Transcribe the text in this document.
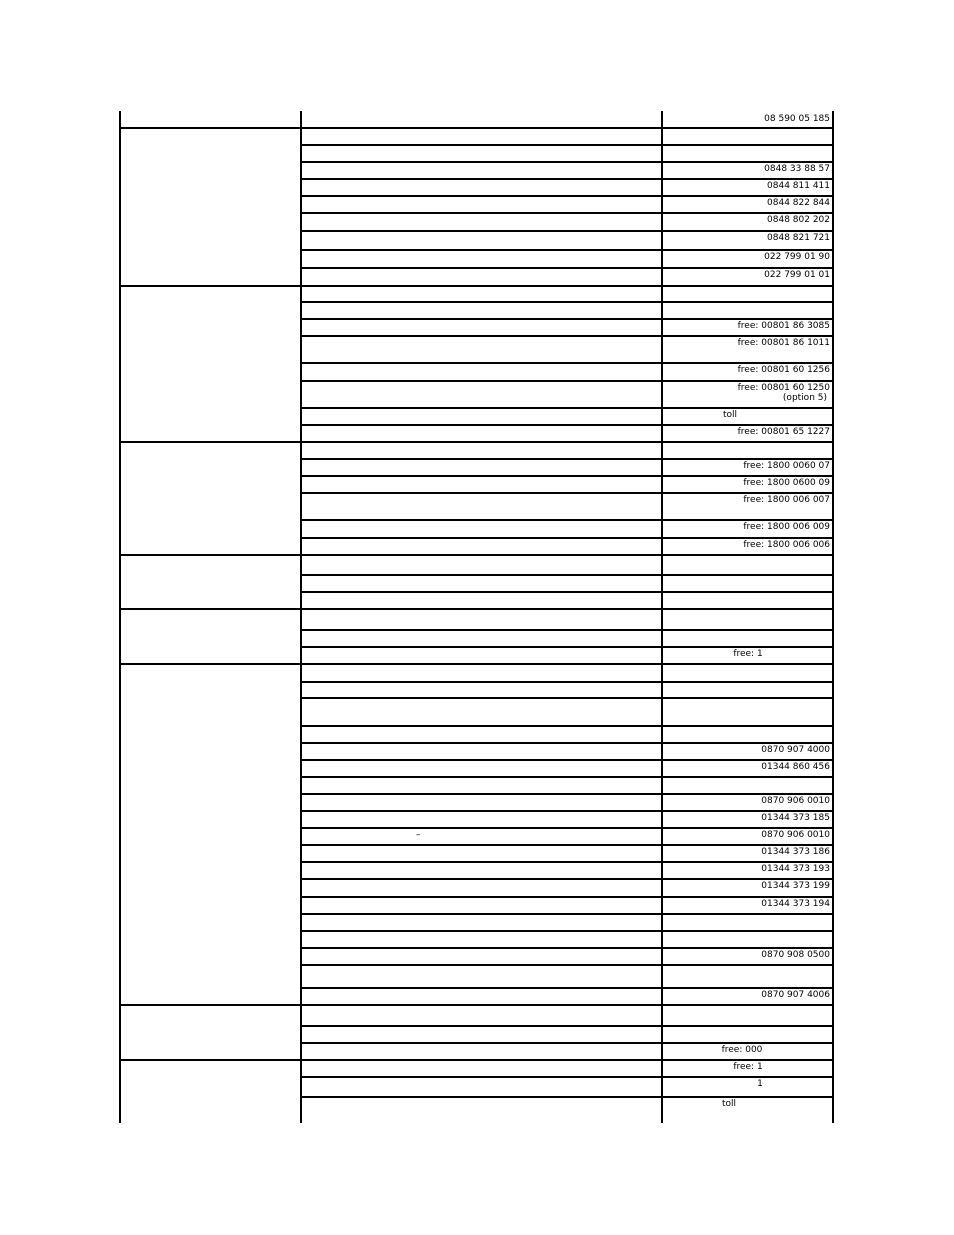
08 590 05 185
0848 33 88 57
0844 811 411
0844 822 844
0848 802 202
0848 821 721
022 799 01 90
022 799 01 01
free: 00801 86 3085
free: 00801 86 1011
free: 00801 60 1256
free: 00801 60 1250
(option 5)
toll
free: 00801 65 1227
free: 1800 0060 07
free: 1800 0600 09
free: 1800 006 007
free: 1800 006 009
free: 1800 006 006
free: 1
0870 907 4000
01344 860 456
0870 906 0010
01344 373 185
0870 906 0010
–
01344 373 186
01344 373 193
01344 373 199
01344 373 194
0870 908 0500
0870 907 4006
free: 000
free: 1
1
toll
